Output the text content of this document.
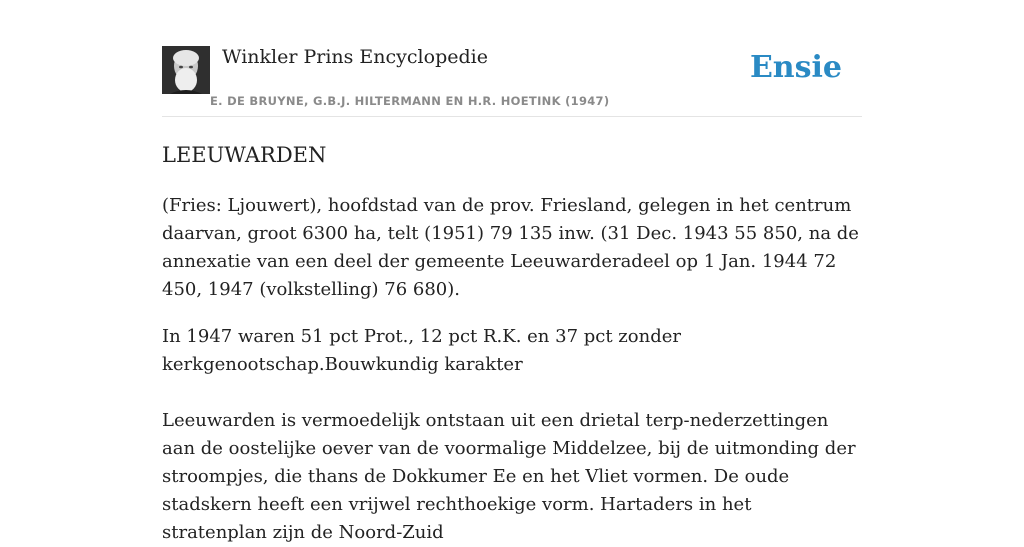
Winkler Prins Encyclopedie
E. DE BRUYNE, G.B.J. HILTERMANN EN H.R. HOETINK (1947)
Ensie
LEEUWARDEN

(Fries: Ljouwert), hoofdstad van de prov. Friesland, gelegen in het centrum daarvan, groot 6300 ha, telt (1951) 79 135 inw. (31 Dec. 1943 55 850, na de annexatie van een deel der gemeente Leeuwarderadeel op 1 Jan. 1944 72 450, 1947 (volkstelling) 76 680).

In 1947 waren 51 pct Prot., 12 pct R.K. en 37 pct zonder kerkgenootschap.Bouwkundig karakter

Leeuwarden is vermoedelijk ontstaan uit een drietal terp-nederzettingen aan de oostelijke oever van de voormalige Middelzee, bij de uitmonding der stroompjes, die thans de Dokkumer Ee en het Vliet vormen. De oude stadskern heeft een vrijwel rechthoekige vorm. Hartaders in het stratenplan zijn de Noord-Zuid
